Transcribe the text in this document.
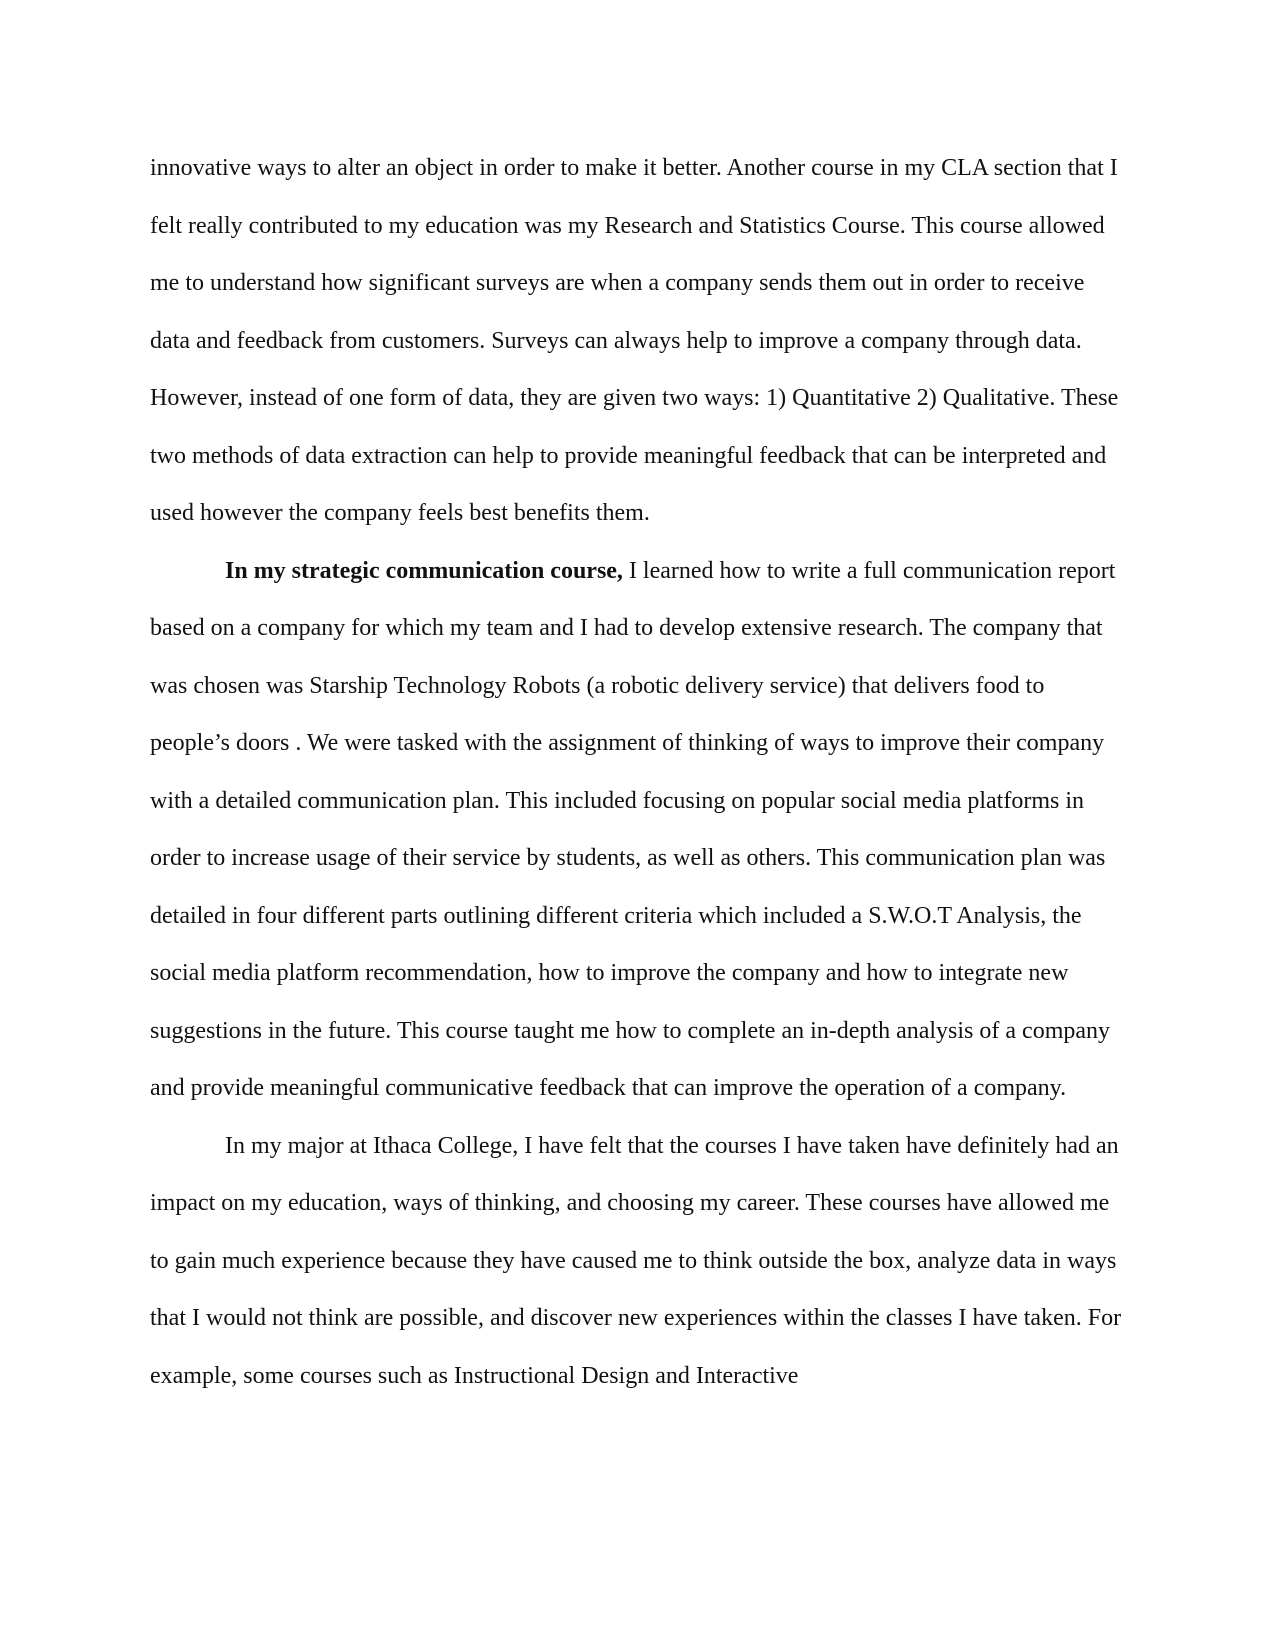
innovative ways to alter an object in order to make it better. Another course in my CLA section that I felt really contributed to my education was my Research and Statistics Course. This course allowed me to understand how significant surveys are when a company sends them out in order to receive data and feedback from customers. Surveys can always help to improve a company through data. However, instead of one form of data, they are given two ways: 1) Quantitative 2) Qualitative. These two methods of data extraction can help to provide meaningful feedback that can be interpreted and used however the company feels best benefits them.

In my strategic communication course, I learned how to write a full communication report based on a company for which my team and I had to develop extensive research. The company that was chosen was Starship Technology Robots (a robotic delivery service) that delivers food to people’s doors . We were tasked with the assignment of thinking of ways to improve their company with a detailed communication plan. This included focusing on popular social media platforms in order to increase usage of their service by students, as well as others. This communication plan was detailed in four different parts outlining different criteria which included a S.W.O.T Analysis, the social media platform recommendation, how to improve the company and how to integrate new suggestions in the future. This course taught me how to complete an in-depth analysis of a company and provide meaningful communicative feedback that can improve the operation of a company.

In my major at Ithaca College, I have felt that the courses I have taken have definitely had an impact on my education, ways of thinking, and choosing my career. These courses have allowed me to gain much experience because they have caused me to think outside the box, analyze data in ways that I would not think are possible, and discover new experiences within the classes I have taken. For example, some courses such as Instructional Design and Interactive
